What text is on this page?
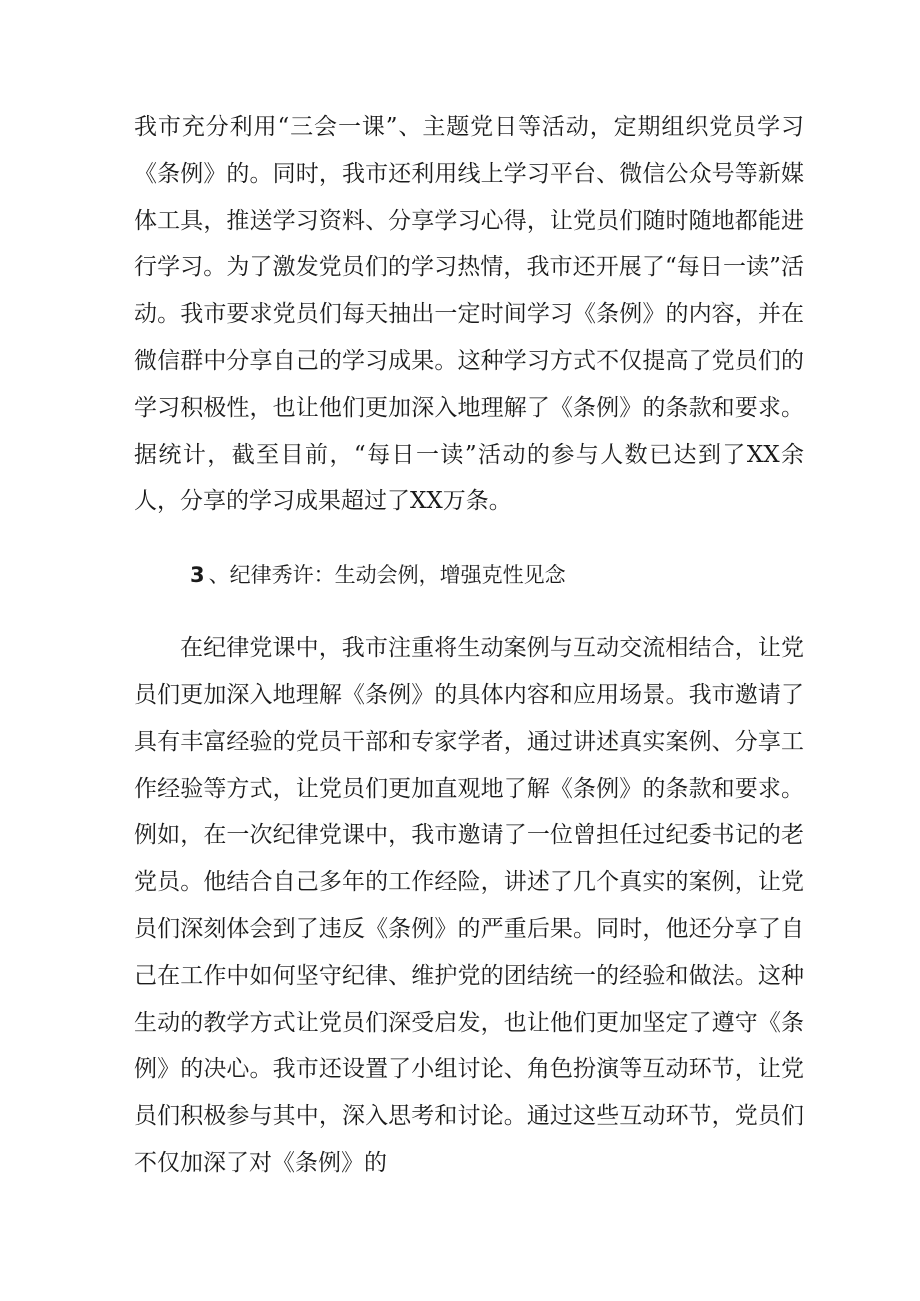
我市充分利用“三会一课”、主题党日等活动，定期组织党员学习《条例》的。同时，我市还利用线上学习平台、微信公众号等新媒体工具，推送学习资料、分享学习心得，让党员们随时随地都能进行学习。为了激发党员们的学习热情，我市还开展了“每日一读”活动。我市要求党员们每天抽出一定时间学习《条例》的内容，并在微信群中分享自己的学习成果。这种学习方式不仅提高了党员们的学习积极性，也让他们更加深入地理解了《条例》的条款和要求。据统计，截至目前，“每日一读”活动的参与人数已达到了XX余人，分享的学习成果超过了XX万条。

3 、纪律秀许：生动会例，增强克性见念

在纪律党课中，我市注重将生动案例与互动交流相结合，让党员们更加深入地理解《条例》的具体内容和应用场景。我市邀请了具有丰富经验的党员干部和专家学者，通过讲述真实案例、分享工作经验等方式，让党员们更加直观地了解《条例》的条款和要求。例如，在一次纪律党课中，我市邀请了一位曾担任过纪委书记的老党员。他结合自己多年的工作经险，讲述了几个真实的案例，让党员们深刻体会到了违反《条例》的严重后果。同时，他还分享了自己在工作中如何坚守纪律、维护党的团结统一的经验和做法。这种生动的教学方式让党员们深受启发，也让他们更加坚定了遵守《条例》的决心。我市还设置了小组讨论、角色扮演等互动环节，让党员们积极参与其中，深入思考和讨论。通过这些互动环节，党员们不仅加深了对《条例》的
